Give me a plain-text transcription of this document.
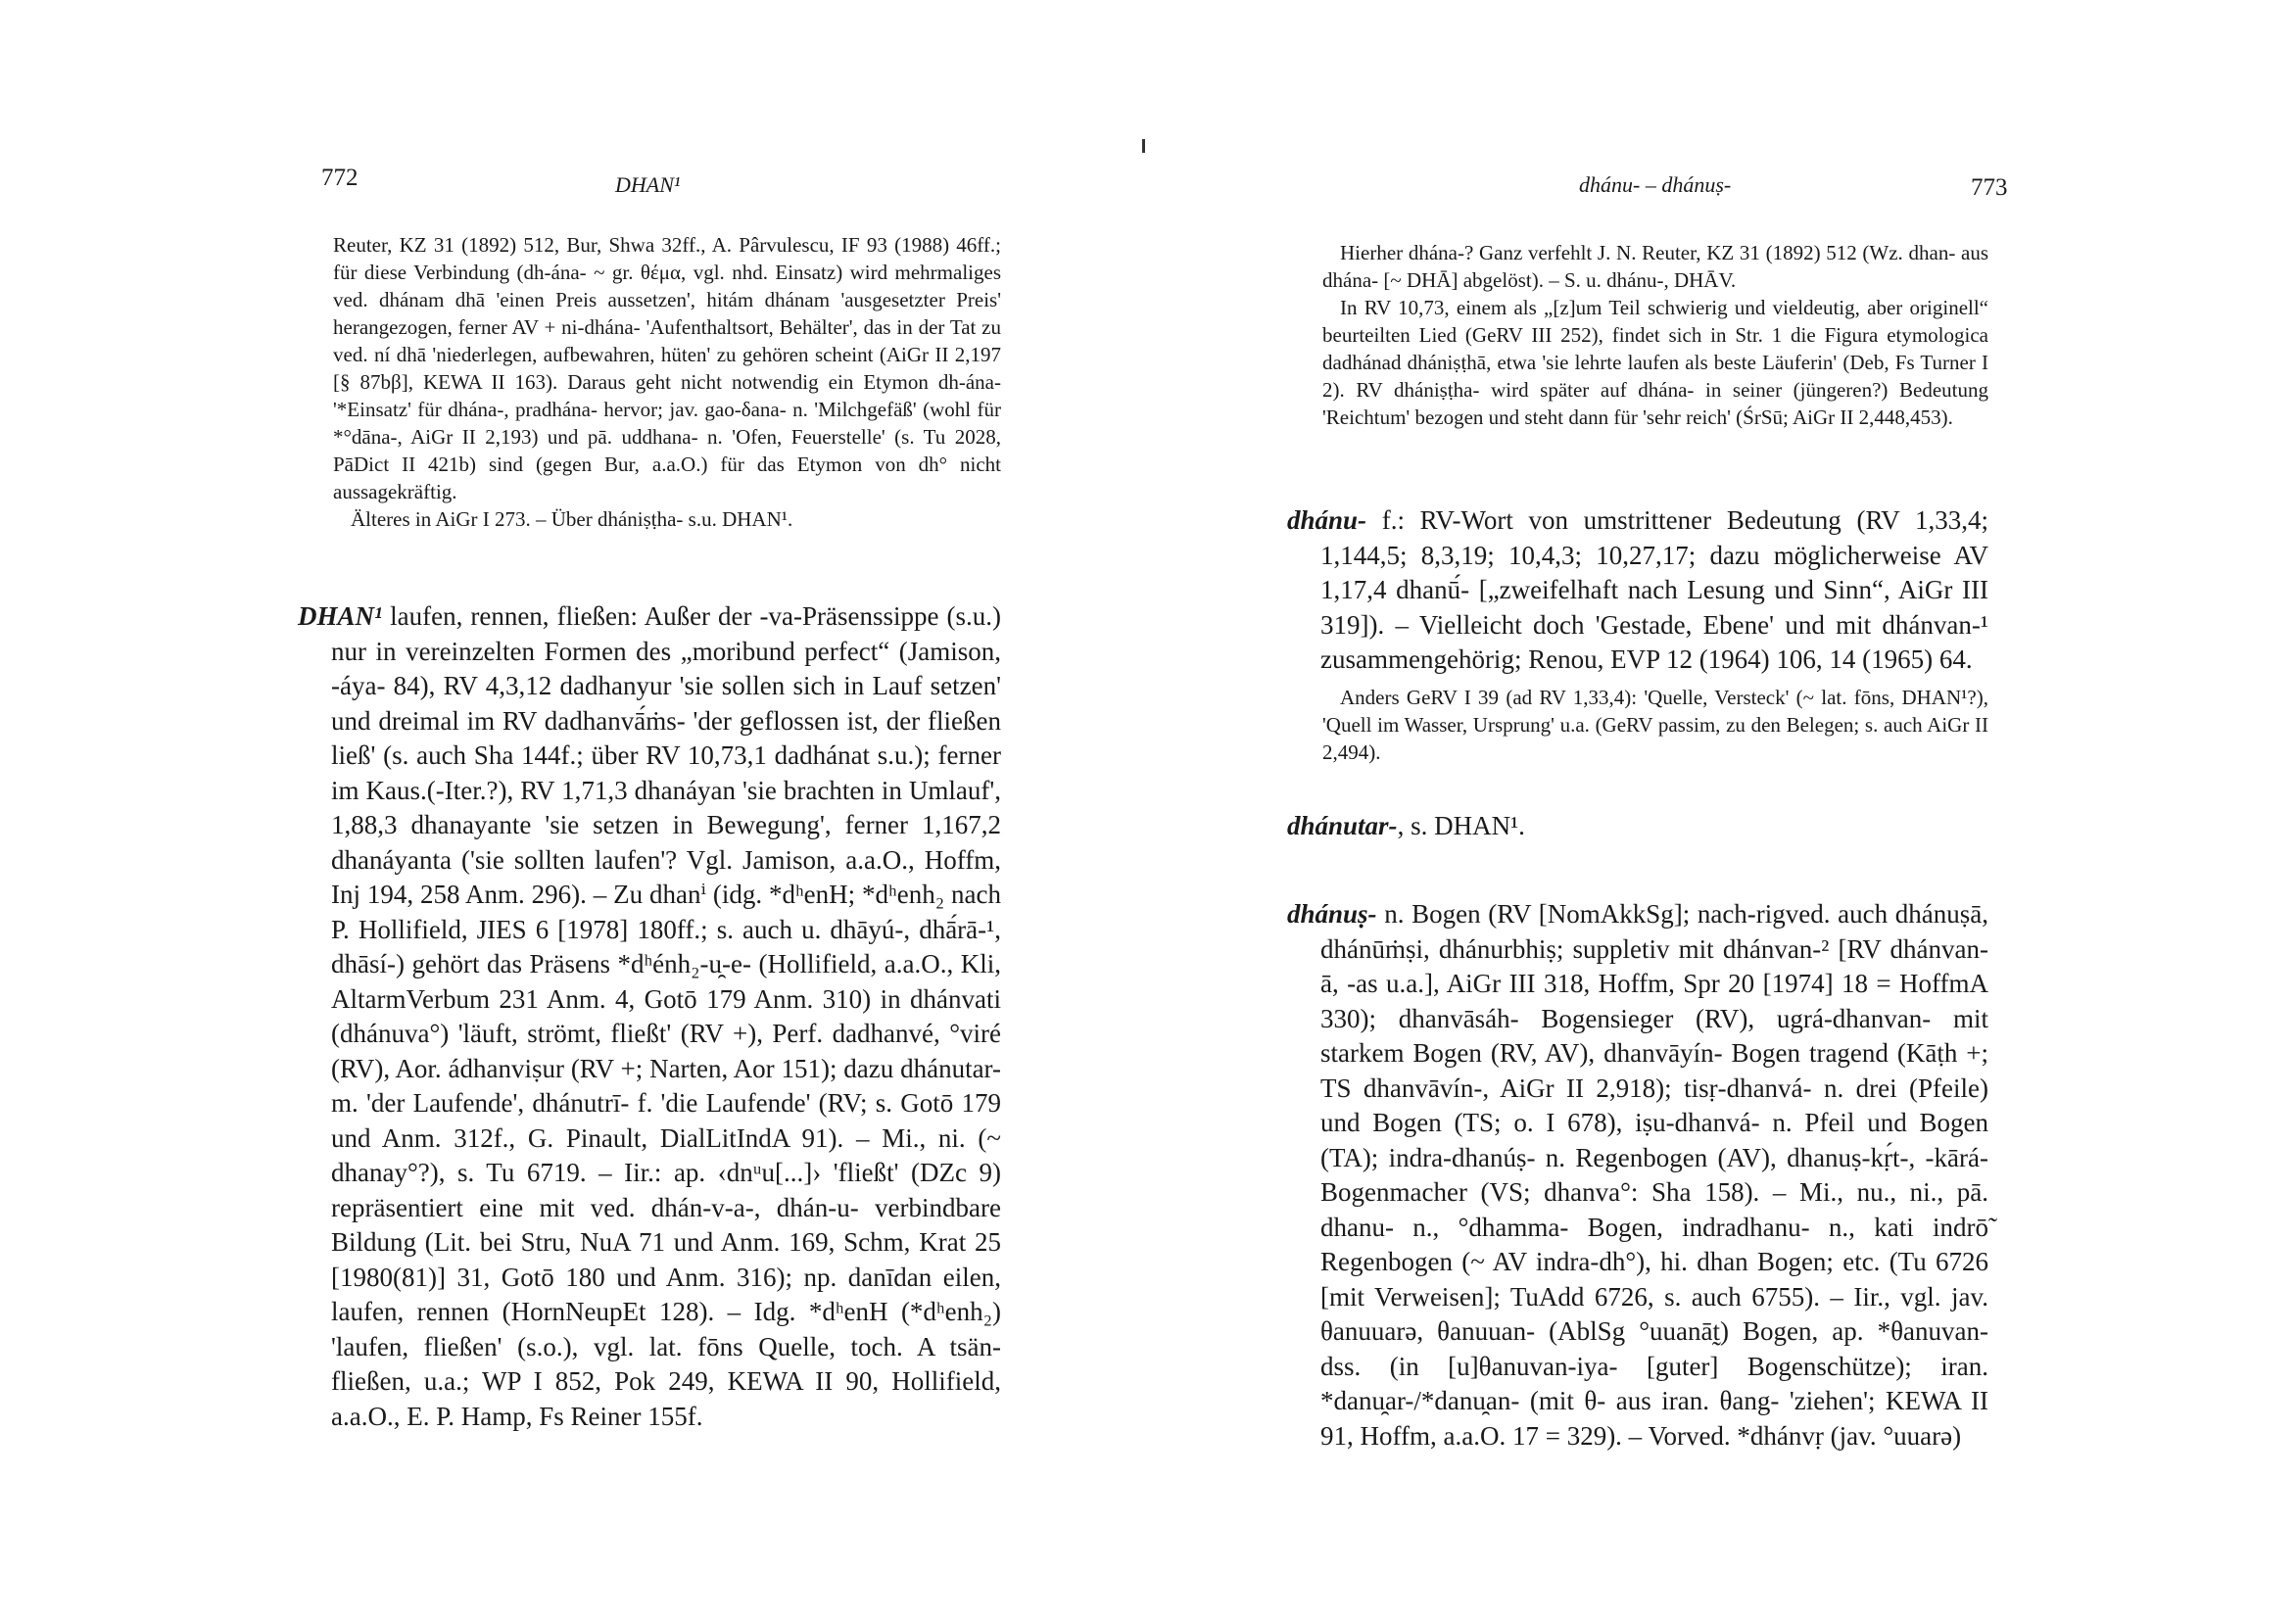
772	DHAN¹

Reuter, KZ 31 (1892) 512, Bur, Shwa 32ff., A. Pârvulescu, IF 93 (1988) 46ff.; für diese Verbindung (dh-ána- ~ gr. θέμα, vgl. nhd. Einsatz) wird mehrmaliges ved. dhánam dhā 'einen Preis aussetzen', hitám dhánam 'ausgesetzter Preis' herangezogen, ferner AV + ni-dhána- 'Aufenthaltsort, Behälter', das in der Tat zu ved. ní dhā 'niederlegen, aufbewahren, hüten' zu gehören scheint (AiGr II 2,197 [§ 87bβ], KEWA II 163). Daraus geht nicht notwendig ein Etymon dh-ána- '*Einsatz' für dhána-, pradhána- hervor; jav. gao-δana- n. 'Milchgefäß' (wohl für *°dāna-, AiGr II 2,193) und pā. uddhana- n. 'Ofen, Feuerstelle' (s. Tu 2028, PāDict II 421b) sind (gegen Bur, a.a.O.) für das Etymon von dh° nicht aussagekräftig.

Älteres in AiGr I 273. – Über dhániṣṭha- s.u. DHAN¹.

DHAN¹ laufen, rennen, fließen: Außer der -va-Präsenssippe (s.u.) nur in vereinzelten Formen des „moribund perfect“ (Jamison, -áya- 84), RV 4,3,12 dadhanyur 'sie sollen sich in Lauf setzen' und dreimal im RV dadhanvā́ṁs- 'der geflossen ist, der fließen ließ' (s. auch Sha 144f.; über RV 10,73,1 dadhánat s.u.); ferner im Kaus.(-Iter.?), RV 1,71,3 dhanáyan 'sie brachten in Umlauf', 1,88,3 dhanayante 'sie setzen in Bewegung', ferner 1,167,2 dhanáyanta ('sie sollten laufen'? Vgl. Jamison, a.a.O., Hoffm, Inj 194, 258 Anm. 296). – Zu dhanⁱ (idg. *dʰenH; *dʰenh₂ nach P. Hollifield, JIES 6 [1978] 180ff.; s. auch u. dhāyú-, dhā́rā-¹, dhāsí-) gehört das Präsens *dʰénh₂-u̯-e- (Hollifield, a.a.O., Kli, AltarmVerbum 231 Anm. 4, Gotō 179 Anm. 310) in dhánvati (dhánuva°) 'läuft, strömt, fließt' (RV +), Perf. dadhanvé, °viré (RV), Aor. ádhanviṣur (RV +; Narten, Aor 151); dazu dhánutar- m. 'der Laufende', dhánutrī- f. 'die Laufende' (RV; s. Gotō 179 und Anm. 312f., G. Pinault, DialLitIndA 91). – Mi., ni. (~ dhanay°?), s. Tu 6719. – Iir.: ap. ‹dnᵘu[...]› 'fließt' (DZc 9) repräsentiert eine mit ved. dhán-v-a-, dhán-u- verbindbare Bildung (Lit. bei Stru, NuA 71 und Anm. 169, Schm, Krat 25 [1980(81)] 31, Gotō 180 und Anm. 316); np. danīdan eilen, laufen, rennen (HornNeupEt 128). – Idg. *dʰenH (*dʰenh₂) 'laufen, fließen' (s.o.), vgl. lat. fōns Quelle, toch. A tsän- fließen, u.a.; WP I 852, Pok 249, KEWA II 90, Hollifield, a.a.O., E. P. Hamp, Fs Reiner 155f.

dhánu- – dhánuṣ-	773

Hierher dhána-? Ganz verfehlt J. N. Reuter, KZ 31 (1892) 512 (Wz. dhan- aus dhána- [~ DHĀ] abgelöst). – S. u. dhánu-, DHĀV.

In RV 10,73, einem als „[z]um Teil schwierig und vieldeutig, aber originell“ beurteilten Lied (GeRV III 252), findet sich in Str. 1 die Figura etymologica dadhánad dhániṣṭhā, etwa 'sie lehrte laufen als beste Läuferin' (Deb, Fs Turner I 2). RV dhániṣṭha- wird später auf dhána- in seiner (jüngeren?) Bedeutung 'Reichtum' bezogen und steht dann für 'sehr reich' (ŚrSū; AiGr II 2,448,453).

dhánu- f.: RV-Wort von umstrittener Bedeutung (RV 1,33,4; 1,144,5; 8,3,19; 10,4,3; 10,27,17; dazu möglicherweise AV 1,17,4 dhanū́- [„zweifelhaft nach Lesung und Sinn“, AiGr III 319]). – Vielleicht doch 'Gestade, Ebene' und mit dhánvan-¹ zusammengehörig; Renou, EVP 12 (1964) 106, 14 (1965) 64.

Anders GeRV I 39 (ad RV 1,33,4): 'Quelle, Versteck' (~ lat. fōns, DHAN¹?), 'Quell im Wasser, Ursprung' u.a. (GeRV passim, zu den Belegen; s. auch AiGr II 2,494).

dhánutar-, s. DHAN¹.

dhánuṣ- n. Bogen (RV [NomAkkSg]; nach-rigved. auch dhánuṣā, dhánūṁṣi, dhánurbhiṣ; suppletiv mit dhánvan-² [RV dhánvan-ā, -as u.a.], AiGr III 318, Hoffm, Spr 20 [1974] 18 = HoffmA 330); dhanvāsáh- Bogensieger (RV), ugrá-dhanvan- mit starkem Bogen (RV, AV), dhanvāyín- Bogen tragend (Kāṭh +; TS dhanvāvín-, AiGr II 2,918); tisṛ-dhanvá- n. drei (Pfeile) und Bogen (TS; o. I 678), iṣu-dhanvá- n. Pfeil und Bogen (TA); indra-dhanúṣ- n. Regenbogen (AV), dhanuṣ-kṛ́t-, -kārá- Bogenmacher (VS; dhanva°: Sha 158). – Mi., nu., ni., pā. dhanu- n., °dhamma- Bogen, indradhanu- n., kati indrō̃ Regenbogen (~ AV indra-dh°), hi. dhan Bogen; etc. (Tu 6726 [mit Verweisen]; TuAdd 6726, s. auch 6755). – Iir., vgl. jav. θanuuarə, θanuuan- (AblSg °uuanāt̰) Bogen, ap. *θanuvan- dss. (in [u]θanuvan-iya- [guter] Bogenschütze); iran. *danu̯ar-/*danu̯an- (mit θ- aus iran. θang- 'ziehen'; KEWA II 91, Hoffm, a.a.O. 17 = 329). – Vorved. *dhánvṛ (jav. °uuarə)
